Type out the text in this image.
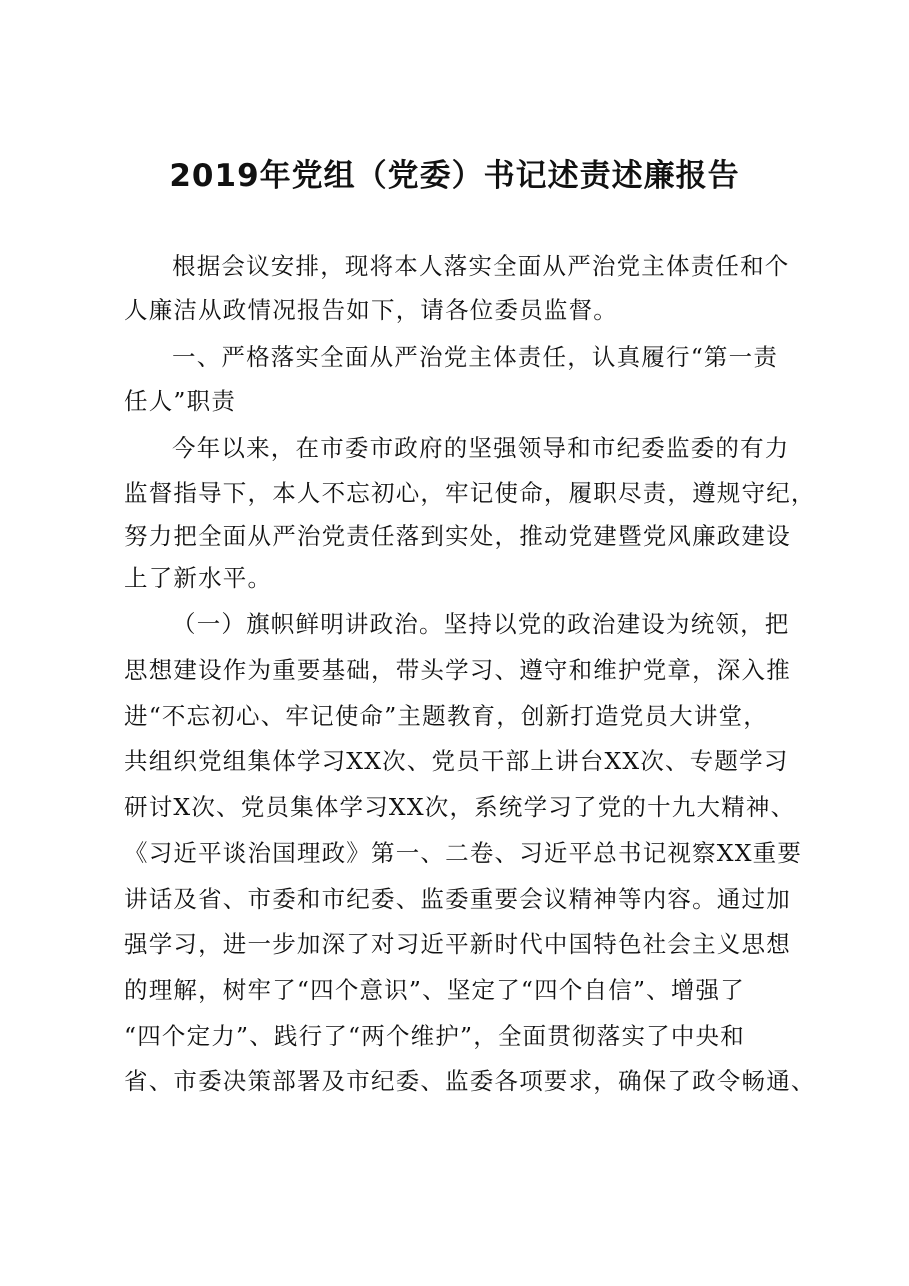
2019年党组（党委）书记述责述廉报告
根据会议安排，现将本人落实全面从严治党主体责任和个
人廉洁从政情况报告如下，请各位委员监督。
一、严格落实全面从严治党主体责任，认真履行“第一责
任人”职责
今年以来，在市委市政府的坚强领导和市纪委监委的有力
监督指导下，本人不忘初心，牢记使命，履职尽责，遵规守纪，
努力把全面从严治党责任落到实处，推动党建暨党风廉政建设
上了新水平。
（一）旗帜鲜明讲政治。坚持以党的政治建设为统领，把
思想建设作为重要基础，带头学习、遵守和维护党章，深入推
进“不忘初心、牢记使命”主题教育，创新打造党员大讲堂，
共组织党组集体学习XX次、党员干部上讲台XX次、专题学习
研讨X次、党员集体学习XX次，系统学习了党的十九大精神、
《习近平谈治国理政》第一、二卷、习近平总书记视察XX重要
讲话及省、市委和市纪委、监委重要会议精神等内容。通过加
强学习，进一步加深了对习近平新时代中国特色社会主义思想
的理解，树牢了“四个意识”、坚定了“四个自信”、增强了
“四个定力”、践行了“两个维护”，全面贯彻落实了中央和
省、市委决策部署及市纪委、监委各项要求，确保了政令畅通、
